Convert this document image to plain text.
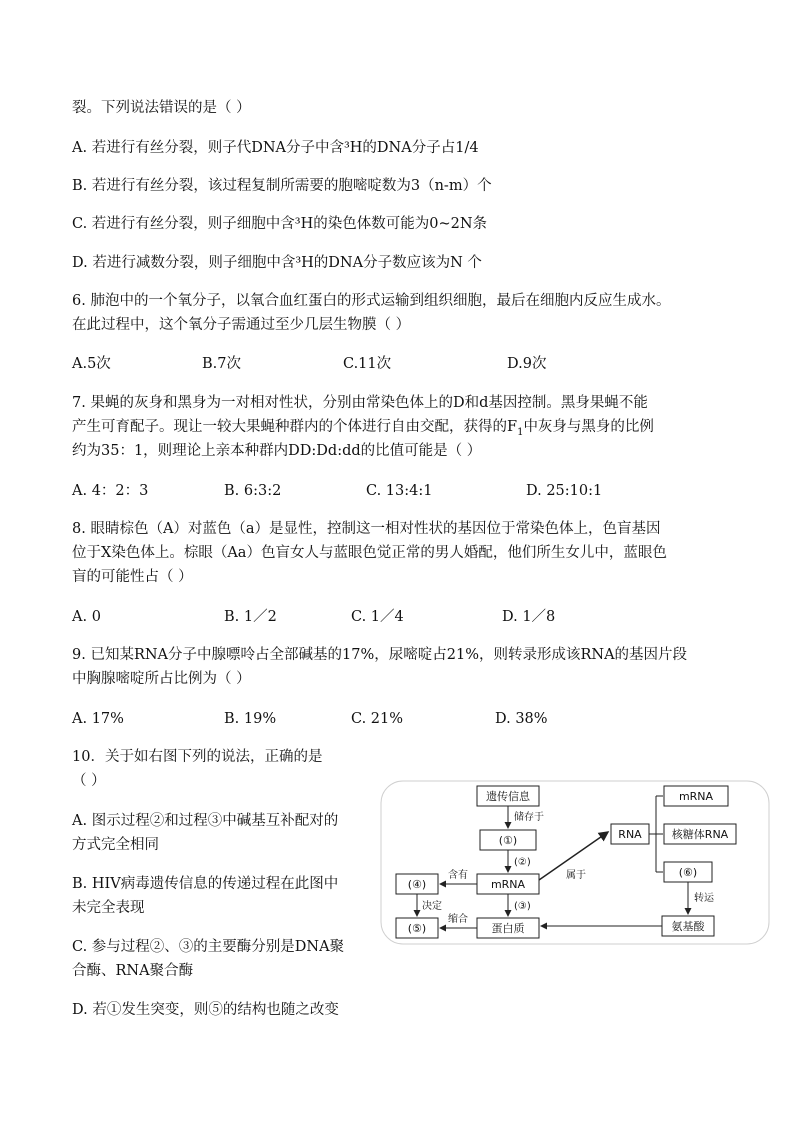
裂。下列说法错误的是（ ）
A. 若进行有丝分裂，则子代DNA分子中含³H的DNA分子占1/4
B. 若进行有丝分裂，该过程复制所需要的胞嘧啶数为3（n-m）个
C. 若进行有丝分裂，则子细胞中含³H的染色体数可能为0~2N条
D. 若进行减数分裂，则子细胞中含³H的DNA分子数应该为N 个
6. 肺泡中的一个氧分子，以氧合血红蛋白的形式运输到组织细胞，最后在细胞内反应生成水。
在此过程中，这个氧分子需通过至少几层生物膜（ ）
A.5次	B.7次	C.11次	D.9次
7. 果蝇的灰身和黑身为一对相对性状，分别由常染色体上的D和d基因控制。黑身果蝇不能
产生可育配子。现让一较大果蝇种群内的个体进行自由交配，获得的$F_1$中灰身与黑身的比例
约为35：1，则理论上亲本种群内DD:Dd:dd的比值可能是（ ）
A. 4：2：3	B. 6:3:2	C. 13:4:1	D. 25:10:1
8. 眼睛棕色（A）对蓝色（a）是显性，控制这一相对性状的基因位于常染色体上，色盲基因
位于X染色体上。棕眼（Aa）色盲女人与蓝眼色觉正常的男人婚配，他们所生女儿中，蓝眼色
盲的可能性占（ ）
A. 0	B. 1／2	C. 1／4	D. 1／8
9. 已知某RNA分子中腺嘌呤占全部碱基的17%，尿嘧啶占21%，则转录形成该RNA的基因片段
中胸腺嘧啶所占比例为（ ）
A. 17%	B. 19%	C. 21%	D. 38%
10．关于如右图下列的说法，正确的是
（ ）
A. 图示过程②和过程③中碱基互补配对的
方式完全相同
B. HIV病毒遗传信息的传递过程在此图中
未完全表现
C. 参与过程②、③的主要酶分别是DNA聚
合酶、RNA聚合酶
D. 若①发生突变，则⑤的结构也随之改变
遗传信息
储存于
(①)
(②)
mRNA
(③)
蛋白质
(④)
含有
决定
(⑤)
缩合
属于
RNA
mRNA
核糖体RNA
(⑥)
转运
氨基酸
